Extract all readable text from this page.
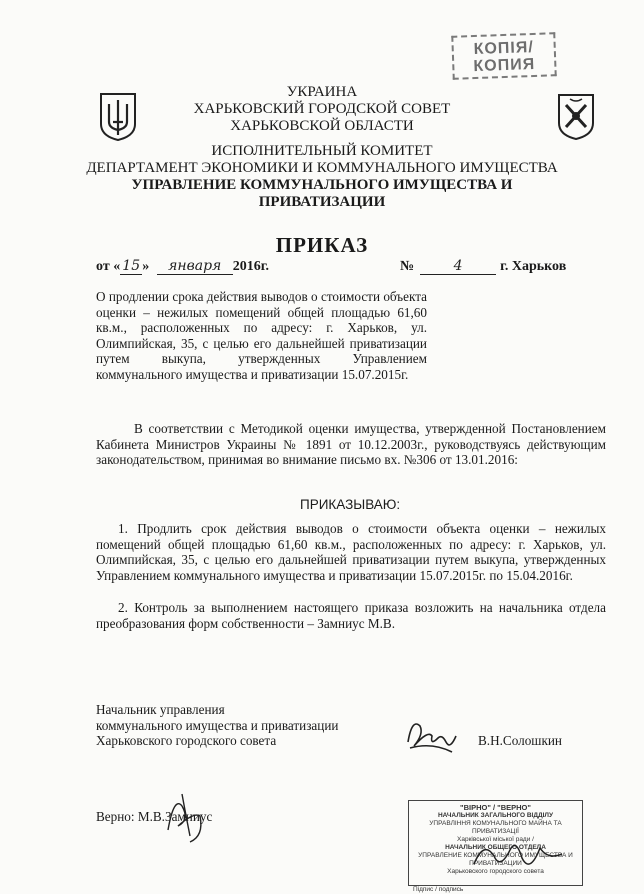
КОПІЯ/
КОПИЯ
УКРАИНА
ХАРЬКОВСКИЙ ГОРОДСКОЙ СОВЕТ
ХАРЬКОВСКОЙ ОБЛАСТИ
ИСПОЛНИТЕЛЬНЫЙ КОМИТЕТ
ДЕПАРТАМЕНТ ЭКОНОМИКИ И КОММУНАЛЬНОГО ИМУЩЕСТВА
УПРАВЛЕНИЕ КОММУНАЛЬНОГО ИМУЩЕСТВА И
ПРИВАТИЗАЦИИ
ПРИКАЗ
от « 15 » января 2016г.	№	4	г. Харьков
О продлении срока действия выводов о стоимости объекта оценки – нежилых помещений общей площадью 61,60 кв.м., расположенных по адресу: г. Харьков, ул. Олимпийская, 35, с целью его дальнейшей приватизации путем выкупа, утвержденных Управлением коммунального имущества и приватизации 15.07.2015г.
В соответствии с Методикой оценки имущества, утвержденной Постановлением Кабинета Министров Украины № 1891 от 10.12.2003г., руководствуясь действующим законодательством, принимая во внимание письмо вх. №306 от 13.01.2016:
ПРИКАЗЫВАЮ:
1. Продлить срок действия выводов о стоимости объекта оценки – нежилых помещений общей площадью 61,60 кв.м., расположенных по адресу: г. Харьков, ул. Олимпийская, 35, с целью его дальнейшей приватизации путем выкупа, утвержденных Управлением коммунального имущества и приватизации 15.07.2015г. по 15.04.2016г.
2. Контроль за выполнением настоящего приказа возложить на начальника отдела преобразования форм собственности – Замниус М.В.
Начальник управления
коммунального имущества и приватизации
Харьковского городского совета	В.Н.Солошкин
Верно: М.В.Замниус
"ВІРНО" / "ВЕРНО"
НАЧАЛЬНИК ЗАГАЛЬНОГО ВІДДІЛУ
УПРАВЛІННЯ КОМУНАЛЬНОГО МАЙНА ТА ПРИВАТИЗАЦІЇ
Харківської міської ради /
НАЧАЛЬНИК ОБЩЕГО ОТДЕЛА
УПРАВЛЕНИЕ КОММУНАЛЬНОГО ИМУЩЕСТВА И ПРИВАТИЗАЦИИ
Харьковского городского совета
Підпис / подпись
